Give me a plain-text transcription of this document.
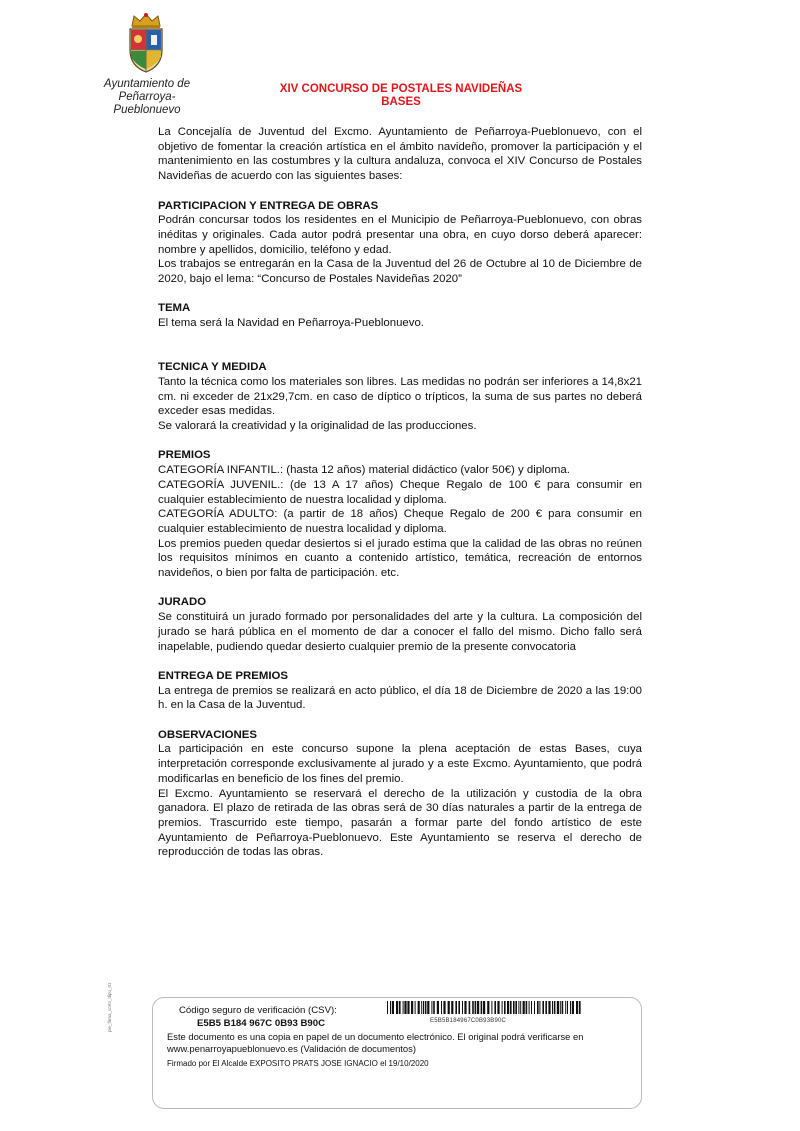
Ayuntamiento de
Peñarroya-Pueblonuevo
XIV CONCURSO DE POSTALES NAVIDEÑAS
BASES

La Concejalía de Juventud del Excmo. Ayuntamiento de Peñarroya-Pueblonuevo, con el objetivo de fomentar la creación artística en el ámbito navideño, promover la participación y el mantenimiento en las costumbres y la cultura andaluza, convoca el XIV Concurso de Postales Navideñas de acuerdo con las siguientes bases:

PARTICIPACION Y ENTREGA DE OBRAS

Podrán concursar todos los residentes en el Municipio de Peñarroya-Pueblonuevo, con obras inéditas y originales. Cada autor podrá presentar una obra, en cuyo dorso deberá aparecer: nombre y apellidos, domicilio, teléfono y edad.

Los trabajos se entregarán en la Casa de la Juventud del 26 de Octubre al 10 de Diciembre de 2020, bajo el lema: “Concurso de Postales Navideñas 2020”

TEMA

El tema será la Navidad en Peñarroya-Pueblonuevo.

TECNICA Y MEDIDA

Tanto la técnica como los materiales son libres. Las medidas no podrán ser inferiores a 14,8x21 cm. ni exceder de 21x29,7cm. en caso de díptico o trípticos, la suma de sus partes no deberá exceder esas medidas.

Se valorará la creatividad y la originalidad de las producciones.

PREMIOS

CATEGORÍA INFANTIL.: (hasta 12 años) material didáctico (valor 50€) y diploma.

CATEGORÍA JUVENIL.: (de 13 A 17 años) Cheque Regalo de 100 € para consumir en cualquier establecimiento de nuestra localidad y diploma.

CATEGORÍA ADULTO: (a partir de 18 años) Cheque Regalo de 200 € para consumir en cualquier establecimiento de nuestra localidad y diploma.

Los premios pueden quedar desiertos si el jurado estima que la calidad de las obras no reúnen los requisitos mínimos en cuanto a contenido artístico, temática, recreación de entornos navideños, o bien por falta de participación. etc.

JURADO

Se constituirá un jurado formado por personalidades del arte y la cultura. La composición del jurado se hará pública en el momento de dar a conocer el fallo del mismo. Dicho fallo será inapelable, pudiendo quedar desierto cualquier premio de la presente convocatoria

ENTREGA DE PREMIOS

La entrega de premios se realizará en acto público, el día 18 de Diciembre de 2020 a las 19:00 h. en la Casa de la Juventud.

OBSERVACIONES

La participación en este concurso supone la plena aceptación de estas Bases, cuya interpretación corresponde exclusivamente al jurado y a este Excmo. Ayuntamiento, que podrá modificarlas en beneficio de los fines del premio.

El Excmo. Ayuntamiento se reservará el derecho de la utilización y custodia de la obra ganadora. El plazo de retirada de las obras será de 30 días naturales a partir de la entrega de premios. Trascurrido este tiempo, pasarán a formar parte del fondo artístico de este Ayuntamiento de Peñarroya-Pueblonuevo. Este Ayuntamiento se reserva el derecho de reproducción de todas las obras.

pie_firma_corto_dipu_01	Código seguro de verificación (CSV):
E5B5 B184 967C 0B93 B90C	E5B5B184967C0B93B90C
Este documento es una copia en papel de un documento electrónico. El original podrá verificarse en
www.penarroyapueblonuevo.es (Validación de documentos)
Firmado por El Alcalde EXPOSITO PRATS JOSE IGNACIO el 19/10/2020
